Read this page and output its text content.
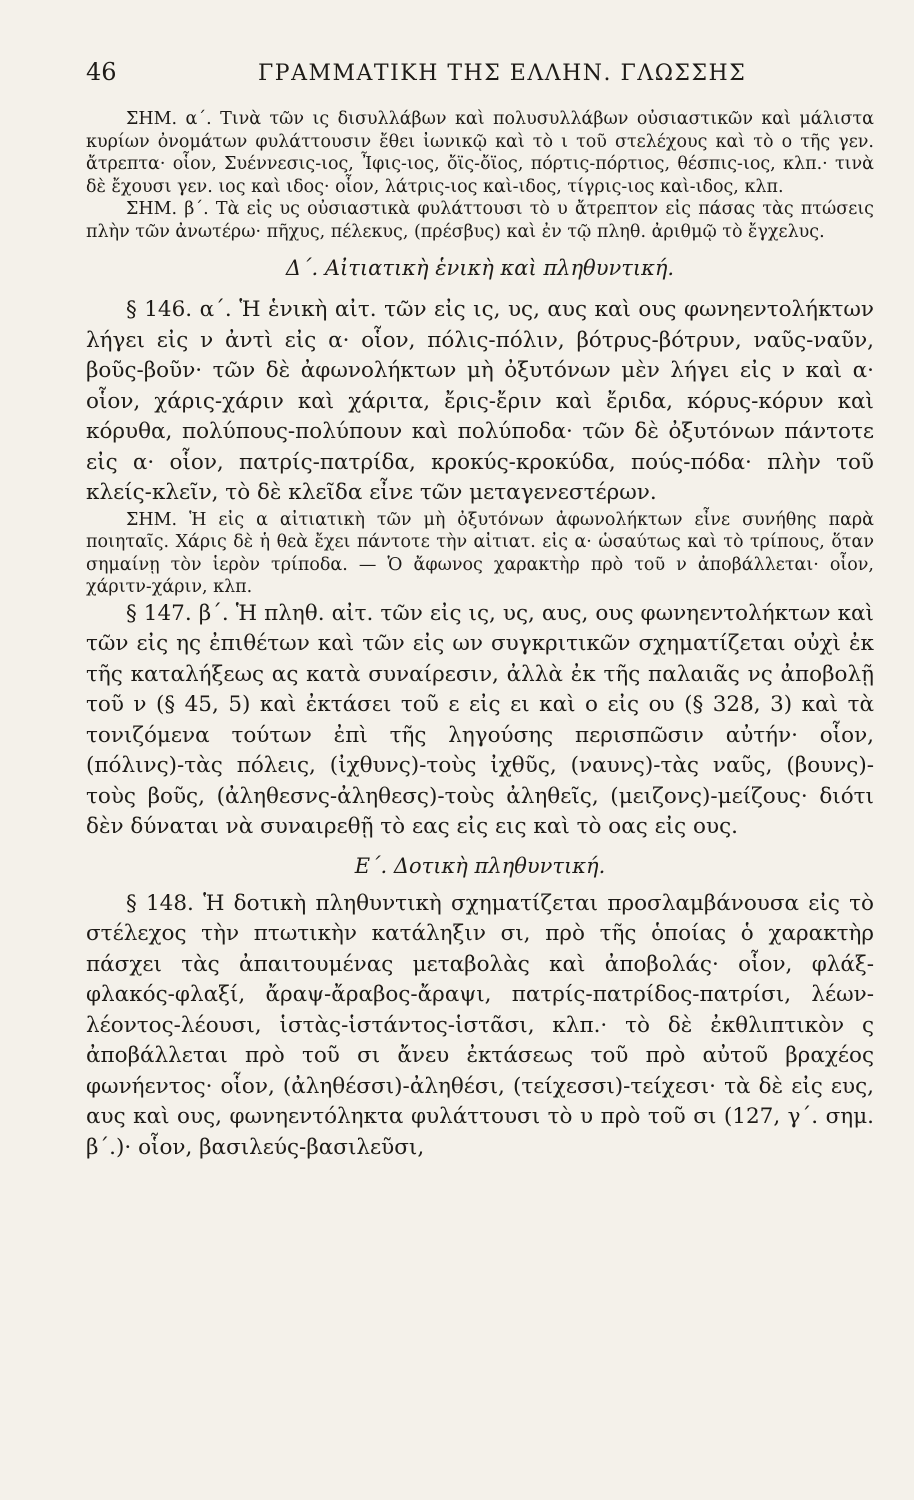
46	ΓΡΑΜΜΑΤΙΚΗ ΤΗΣ ΕΛΛΗΝ. ΓΛΩΣΣΗΣ

ΣΗΜ. α΄. Τινὰ τῶν ις δισυλλάβων καὶ πολυσυλλάβων οὐσιαστικῶν καὶ μάλιστα κυρίων ὀνομάτων φυλάττουσιν ἔθει ἰωνικῷ καὶ τὸ ι τοῦ στελέχους καὶ τὸ ο τῆς γεν. ἄτρεπτα· οἷον, Συέννεσις-ιος, Ἶφις-ιος, ὄϊς-ὄϊος, πόρτις-πόρτιος, θέσπις-ιος, κλπ.· τινὰ δὲ ἔχουσι γεν. ιος καὶ ιδος· οἷον, λάτρις-ιος καὶ-ιδος, τίγρις-ιος καὶ-ιδος, κλπ.

ΣΗΜ. β΄. Τὰ εἰς υς οὐσιαστικὰ φυλάττουσι τὸ υ ἄτρεπτον εἰς πάσας τὰς πτώσεις πλὴν τῶν ἀνωτέρω· πῆχυς, πέλεκυς, (πρέσβυς) καὶ ἐν τῷ πληθ. ἀριθμῷ τὸ ἔγχελυς.

Δ΄. Αἰτιατικὴ ἑνικὴ καὶ πληθυντική.

§ 146. α΄. Ἡ ἑνικὴ αἰτ. τῶν εἰς ις, υς, αυς καὶ ους φωνηεντολήκτων λήγει εἰς ν ἀντὶ εἰς α· οἷον, πόλις-πόλιν, βότρυς-βότρυν, ναῦς-ναῦν, βοῦς-βοῦν· τῶν δὲ ἀφωνολήκτων μὴ ὀξυτόνων μὲν λήγει εἰς ν καὶ α· οἷον, χάρις-χάριν καὶ χάριτα, ἔρις-ἔριν καὶ ἔριδα, κόρυς-κόρυν καὶ κόρυθα, πολύπους-πολύπουν καὶ πολύποδα· τῶν δὲ ὀξυτόνων πάντοτε εἰς α· οἷον, πατρίς-πατρίδα, κροκύς-κροκύδα, πούς-πόδα· πλὴν τοῦ κλείς-κλεῖν, τὸ δὲ κλεῖδα εἶνε τῶν μεταγενεστέρων.

ΣΗΜ. Ἡ εἰς α αἰτιατικὴ τῶν μὴ ὀξυτόνων ἀφωνολήκτων εἶνε συνήθης παρὰ ποιηταῖς. Χάρις δὲ ἡ θεὰ ἔχει πάντοτε τὴν αἰτιατ. εἰς α· ὡσαύτως καὶ τὸ τρίπους, ὅταν σημαίνῃ τὸν ἱερὸν τρίποδα. — Ὁ ἄφωνος χαρακτὴρ πρὸ τοῦ ν ἀποβάλλεται· οἷον, χάριτν-χάριν, κλπ.

§ 147. β΄. Ἡ πληθ. αἰτ. τῶν εἰς ις, υς, αυς, ους φωνηεντολήκτων καὶ τῶν εἰς ης ἐπιθέτων καὶ τῶν εἰς ων συγκριτικῶν σχηματίζεται οὐχὶ ἐκ τῆς καταλήξεως ας κατὰ συναίρεσιν, ἀλλὰ ἐκ τῆς παλαιᾶς νς ἀποβολῇ τοῦ ν (§ 45, 5) καὶ ἐκτάσει τοῦ ε εἰς ει καὶ ο εἰς ου (§ 328, 3) καὶ τὰ τονιζόμενα τούτων ἐπὶ τῆς ληγούσης περισπῶσιν αὐτήν· οἷον, (πόλινς)-τὰς πόλεις, (ἰχθυνς)-τοὺς ἰχθῦς, (ναυνς)-τὰς ναῦς, (βουνς)-τοὺς βοῦς, (ἀληθεσνς-ἀληθεσς)-τοὺς ἀληθεῖς, (μειζονς)-μείζους· διότι δὲν δύναται νὰ συναιρεθῇ τὸ εας εἰς εις καὶ τὸ οας εἰς ους.

Ε΄. Δοτικὴ πληθυντική.

§ 148. Ἡ δοτικὴ πληθυντικὴ σχηματίζεται προσλαμβάνουσα εἰς τὸ στέλεχος τὴν πτωτικὴν κατάληξιν σι, πρὸ τῆς ὁποίας ὁ χαρακτὴρ πάσχει τὰς ἀπαιτουμένας μεταβολὰς καὶ ἀποβολάς· οἷον, φλάξ-φλακός-φλαξί, ἄραψ-ἄραβος-ἄραψι, πατρίς-πατρίδος-πατρίσι, λέων-λέοντος-λέουσι, ἱστὰς-ἱστάντος-ἱστᾶσι, κλπ.· τὸ δὲ ἐκθλιπτικὸν ς ἀποβάλλεται πρὸ τοῦ σι ἄνευ ἐκτάσεως τοῦ πρὸ αὐτοῦ βραχέος φωνήεντος· οἷον, (ἀληθέσσι)-ἀληθέσι, (τείχεσσι)-τείχεσι· τὰ δὲ εἰς ευς, αυς καὶ ους, φωνηεντόληκτα φυλάττουσι τὸ υ πρὸ τοῦ σι (127, γ΄. σημ. β΄.)· οἷον, βασιλεύς-βασιλεῦσι,
